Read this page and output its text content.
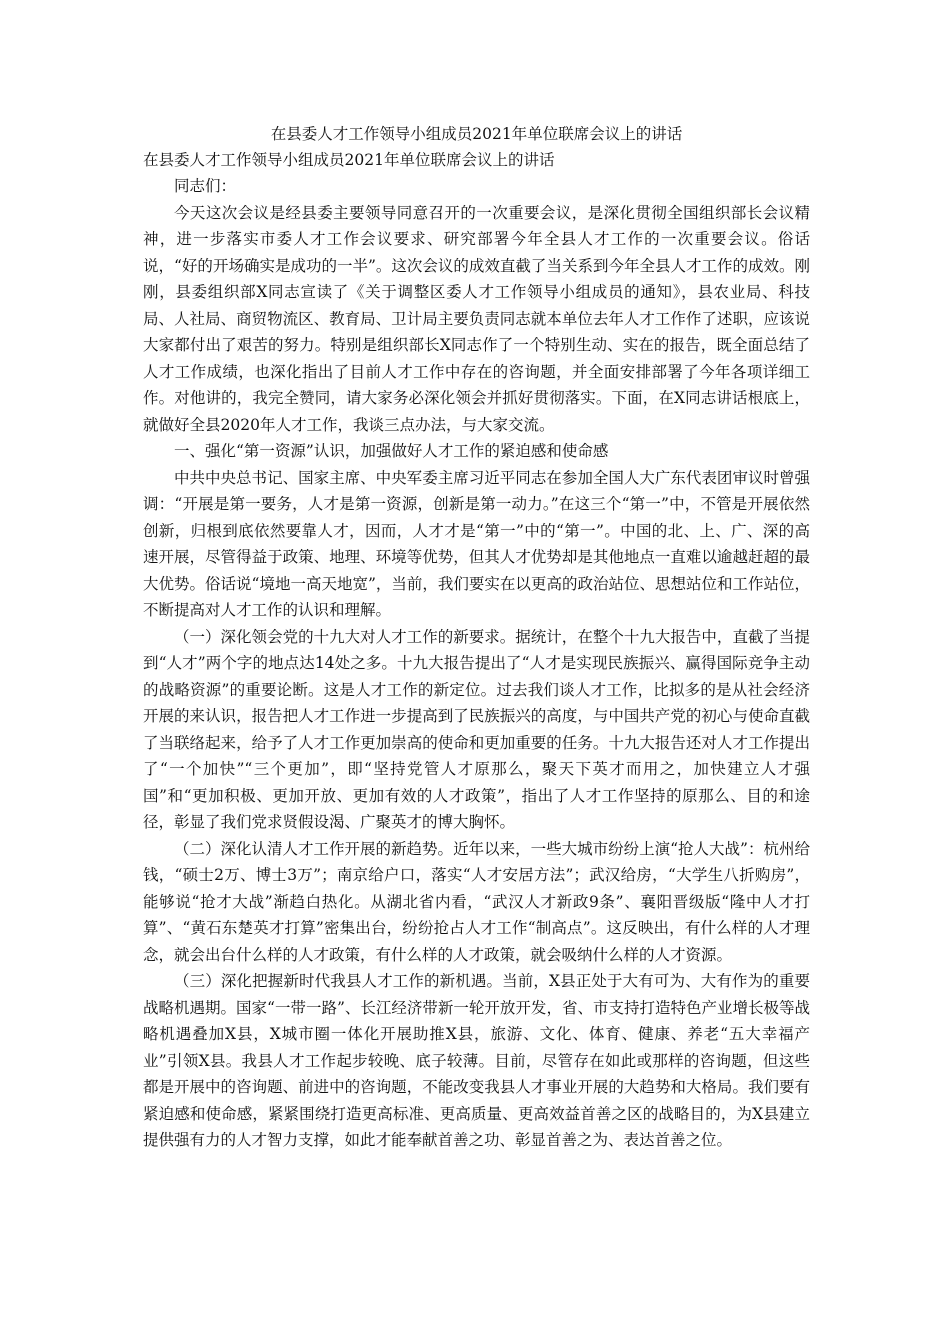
在县委人才工作领导小组成员2021年单位联席会议上的讲话

在县委人才工作领导小组成员2021年单位联席会议上的讲话

同志们：

今天这次会议是经县委主要领导同意召开的一次重要会议，是深化贯彻全国组织部长会议精神，进一步落实市委人才工作会议要求、研究部署今年全县人才工作的一次重要会议。俗话说，“好的开场确实是成功的一半”。这次会议的成效直截了当关系到今年全县人才工作的成效。刚刚，县委组织部X同志宣读了《关于调整区委人才工作领导小组成员的通知》，县农业局、科技局、人社局、商贸物流区、教育局、卫计局主要负责同志就本单位去年人才工作作了述职，应该说大家都付出了艰苦的努力。特别是组织部长X同志作了一个特别生动、实在的报告，既全面总结了人才工作成绩，也深化指出了目前人才工作中存在的咨询题，并全面安排部署了今年各项详细工作。对他讲的，我完全赞同，请大家务必深化领会并抓好贯彻落实。下面，在X同志讲话根底上，就做好全县2020年人才工作，我谈三点办法，与大家交流。

一、强化“第一资源”认识，加强做好人才工作的紧迫感和使命感

中共中央总书记、国家主席、中央军委主席习近平同志在参加全国人大广东代表团审议时曾强调：“开展是第一要务，人才是第一资源，创新是第一动力。”在这三个“第一”中，不管是开展依然创新，归根到底依然要靠人才，因而，人才才是“第一”中的“第一”。中国的北、上、广、深的高速开展，尽管得益于政策、地理、环境等优势，但其人才优势却是其他地点一直难以逾越赶超的最大优势。俗话说“境地一高天地宽”，当前，我们要实在以更高的政治站位、思想站位和工作站位，不断提高对人才工作的认识和理解。

（一）深化领会党的十九大对人才工作的新要求。据统计，在整个十九大报告中，直截了当提到“人才”两个字的地点达14处之多。十九大报告提出了“人才是实现民族振兴、赢得国际竞争主动的战略资源”的重要论断。这是人才工作的新定位。过去我们谈人才工作，比拟多的是从社会经济开展的来认识，报告把人才工作进一步提高到了民族振兴的高度，与中国共产党的初心与使命直截了当联络起来，给予了人才工作更加崇高的使命和更加重要的任务。十九大报告还对人才工作提出了“一个加快”“三个更加”，即“坚持党管人才原那么，聚天下英才而用之，加快建立人才强国”和“更加积极、更加开放、更加有效的人才政策”，指出了人才工作坚持的原那么、目的和途径，彰显了我们党求贤假设渴、广聚英才的博大胸怀。

（二）深化认清人才工作开展的新趋势。近年以来，一些大城市纷纷上演“抢人大战”：杭州给钱，“硕士2万、博士3万”；南京给户口，落实“人才安居方法”；武汉给房，“大学生八折购房”，能够说“抢才大战”渐趋白热化。从湖北省内看，“武汉人才新政9条”、襄阳晋级版“隆中人才打算”、“黄石东楚英才打算”密集出台，纷纷抢占人才工作“制高点”。这反映出，有什么样的人才理念，就会出台什么样的人才政策，有什么样的人才政策，就会吸纳什么样的人才资源。

（三）深化把握新时代我县人才工作的新机遇。当前，X县正处于大有可为、大有作为的重要战略机遇期。国家“一带一路”、长江经济带新一轮开放开发，省、市支持打造特色产业增长极等战略机遇叠加X县，X城市圈一体化开展助推X县，旅游、文化、体育、健康、养老“五大幸福产业”引领X县。我县人才工作起步较晚、底子较薄。目前，尽管存在如此或那样的咨询题，但这些都是开展中的咨询题、前进中的咨询题，不能改变我县人才事业开展的大趋势和大格局。我们要有紧迫感和使命感，紧紧围绕打造更高标准、更高质量、更高效益首善之区的战略目的，为X县建立提供强有力的人才智力支撑，如此才能奉献首善之功、彰显首善之为、表达首善之位。
